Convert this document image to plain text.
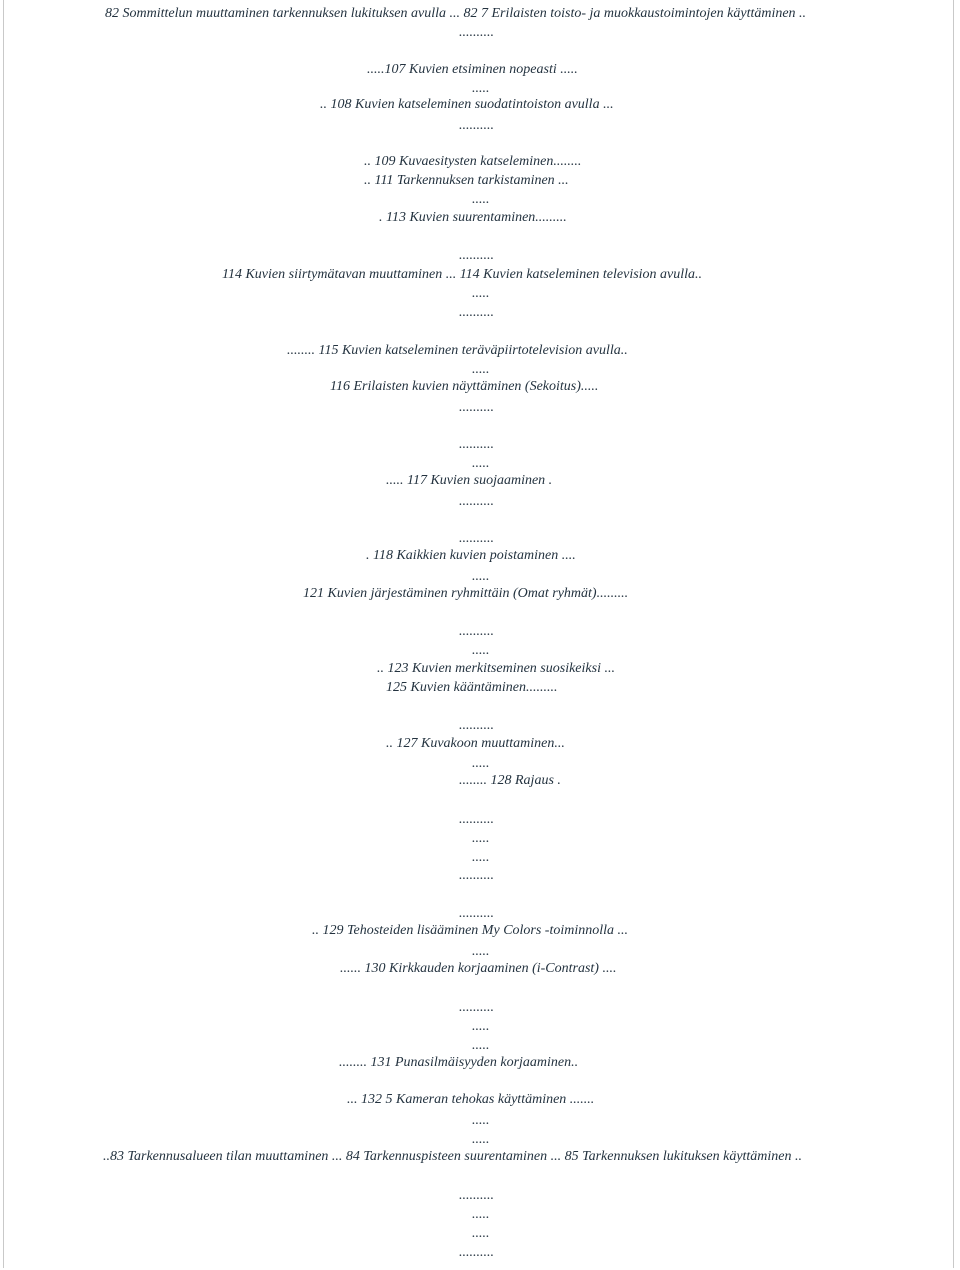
82 Sommittelun muuttaminen tarkennuksen lukituksen avulla ... 82 7 Erilaisten toisto- ja muokkaustoimintojen käyttäminen ..
..........
.....107 Kuvien etsiminen nopeasti .....
.....
.. 108 Kuvien katseleminen suodatintoiston avulla ...
..........
.. 109 Kuvaesitysten katseleminen........
.. 111 Tarkennuksen tarkistaminen ...
.....
. 113 Kuvien suurentaminen.........
..........
114 Kuvien siirtymätavan muuttaminen ... 114 Kuvien katseleminen television avulla..
.....
..........
........ 115 Kuvien katseleminen teräväpiirtotelevision avulla..
.....
116 Erilaisten kuvien näyttäminen (Sekoitus).....
..........
..........
.....
..... 117 Kuvien suojaaminen .
..........
..........
. 118 Kaikkien kuvien poistaminen ....
.....
121 Kuvien järjestäminen ryhmittäin (Omat ryhmät).........
..........
.....
.. 123 Kuvien merkitseminen suosikeiksi ...
125 Kuvien kääntäminen.........
..........
.. 127 Kuvakoon muuttaminen...
.....
........ 128 Rajaus .
..........
.....
.....
..........
..........
.. 129 Tehosteiden lisääminen My Colors -toiminnolla ...
.....
...... 130 Kirkkauden korjaaminen (i-Contrast) ....
..........
.....
.....
........ 131 Punasilmäisyyden korjaaminen..
... 132 5 Kameran tehokas käyttäminen .......
.....
.....
..83 Tarkennusalueen tilan muuttaminen ... 84 Tarkennuspisteen suurentaminen ... 85 Tarkennuksen lukituksen käyttäminen ..
..........
.....
.....
..........
